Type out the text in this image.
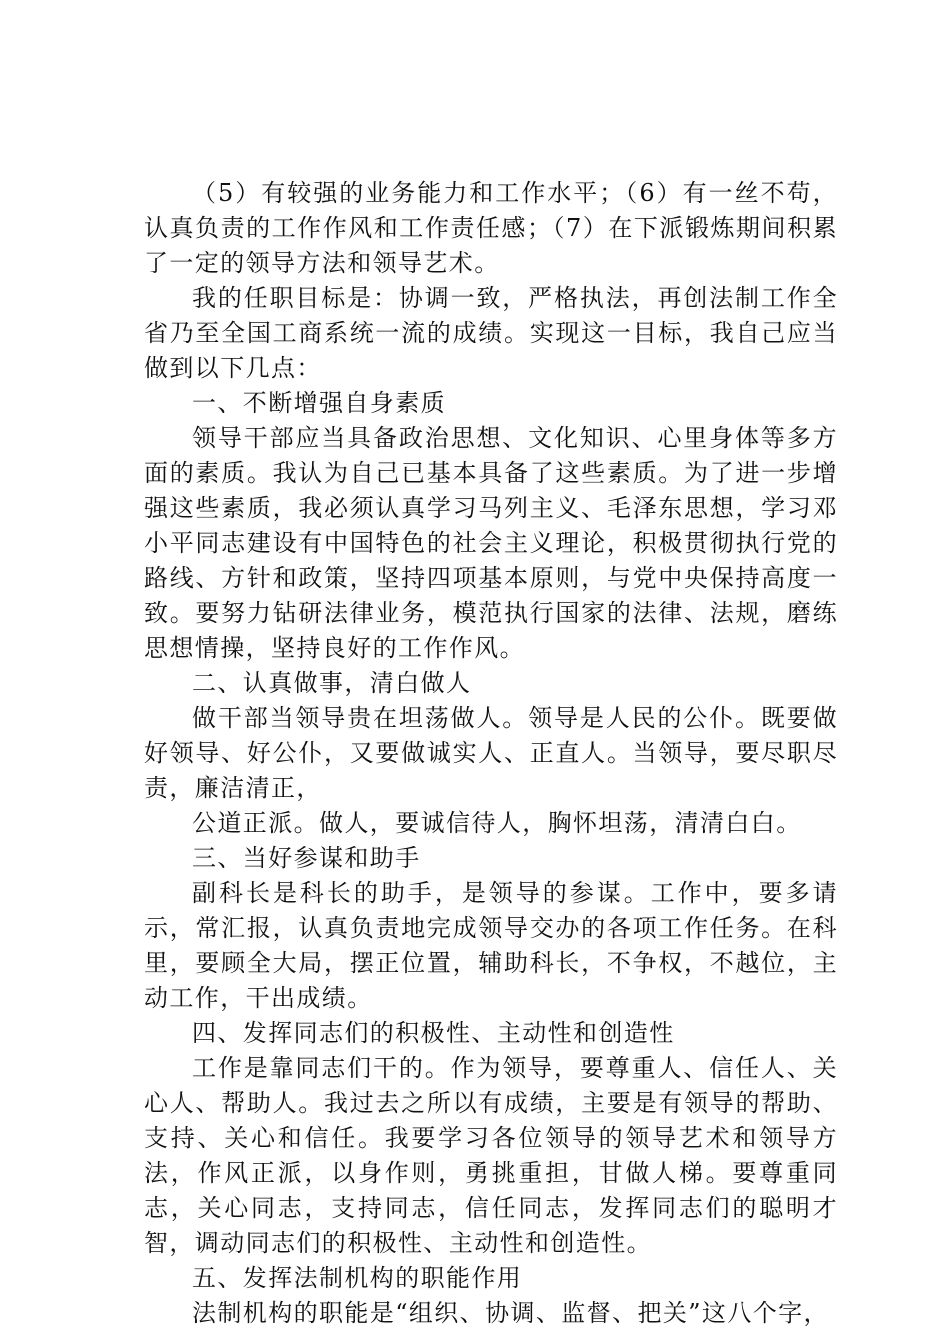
（5）有较强的业务能力和工作水平；（6）有一丝不苟，认真负责的工作作风和工作责任感；（7）在下派锻炼期间积累了一定的领导方法和领导艺术。

我的任职目标是：协调一致，严格执法，再创法制工作全省乃至全国工商系统一流的成绩。实现这一目标，我自己应当做到以下几点：

一、不断增强自身素质

领导干部应当具备政治思想、文化知识、心里身体等多方面的素质。我认为自己已基本具备了这些素质。为了进一步增强这些素质，我必须认真学习马列主义、毛泽东思想，学习邓小平同志建设有中国特色的社会主义理论，积极贯彻执行党的路线、方针和政策，坚持四项基本原则，与党中央保持高度一致。要努力钻研法律业务，模范执行国家的法律、法规，磨练思想情操，坚持良好的工作作风。

二、认真做事，清白做人

做干部当领导贵在坦荡做人。领导是人民的公仆。既要做好领导、好公仆，又要做诚实人、正直人。当领导，要尽职尽责，廉洁清正，

公道正派。做人，要诚信待人，胸怀坦荡，清清白白。

三、当好参谋和助手

副科长是科长的助手，是领导的参谋。工作中，要多请示，常汇报，认真负责地完成领导交办的各项工作任务。在科里，要顾全大局，摆正位置，辅助科长，不争权，不越位，主动工作，干出成绩。

四、发挥同志们的积极性、主动性和创造性

工作是靠同志们干的。作为领导，要尊重人、信任人、关心人、帮助人。我过去之所以有成绩，主要是有领导的帮助、支持、关心和信任。我要学习各位领导的领导艺术和领导方法，作风正派，以身作则，勇挑重担，甘做人梯。要尊重同志，关心同志，支持同志，信任同志，发挥同志们的聪明才智，调动同志们的积极性、主动性和创造性。

五、发挥法制机构的职能作用

法制机构的职能是“组织、协调、监督、把关”这八个字，
